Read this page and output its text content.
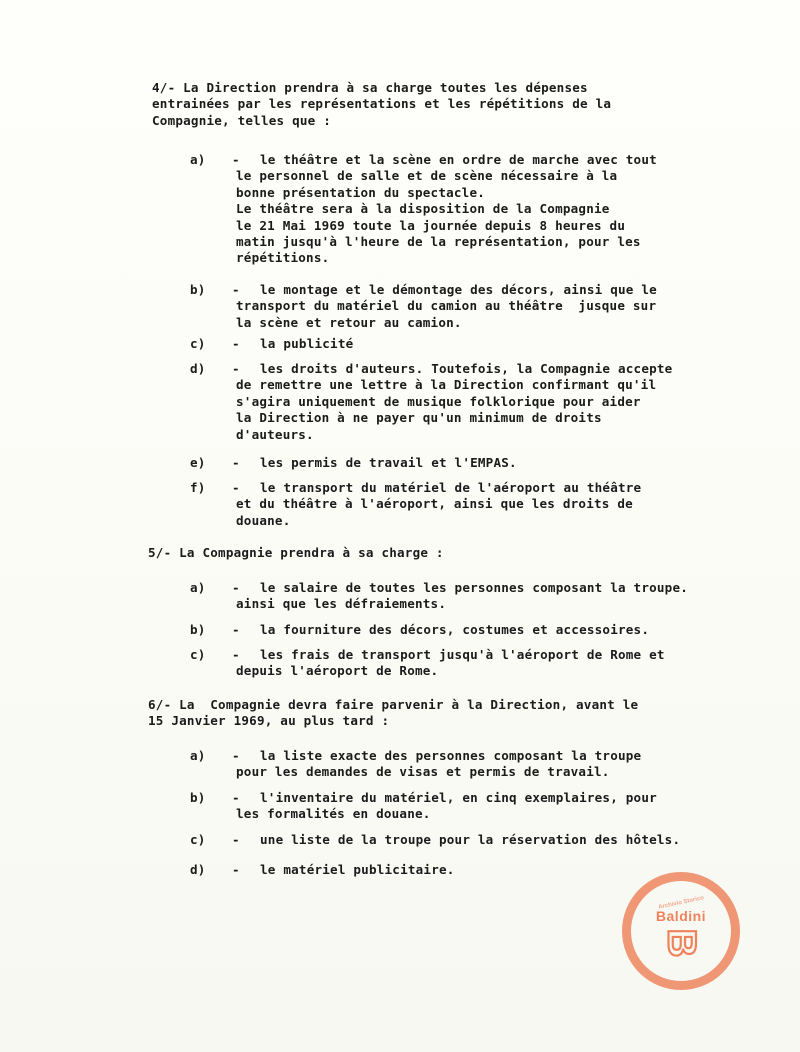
4/- La Direction prendra à sa charge toutes les dépenses
entrainées par les représentations et les répétitions de la
Compagnie, telles que :
a) - le théâtre et la scène en ordre de marche avec tout
le personnel de salle et de scène nécessaire à la
bonne présentation du spectacle.
Le théâtre sera à la disposition de la Compagnie
le 21 Mai 1969 toute la journée depuis 8 heures du
matin jusqu'à l'heure de la représentation, pour les
répétitions.
b) - le montage et le démontage des décors, ainsi que le
transport du matériel du camion au théâtre  jusque sur
la scène et retour au camion.
c) - la publicité
d) - les droits d'auteurs. Toutefois, la Compagnie accepte
de remettre une lettre à la Direction confirmant qu'il
s'agira uniquement de musique folklorique pour aider
la Direction à ne payer qu'un minimum de droits
d'auteurs.
e) - les permis de travail et l'EMPAS.
f) - le transport du matériel de l'aéroport au théâtre
et du théâtre à l'aéroport, ainsi que les droits de
douane.
5/- La Compagnie prendra à sa charge :
a) - le salaire de toutes les personnes composant la troupe.
ainsi que les défraiements.
b) - la fourniture des décors, costumes et accessoires.
c) - les frais de transport jusqu'à l'aéroport de Rome et
depuis l'aéroport de Rome.
6/- La  Compagnie devra faire parvenir à la Direction, avant le
15 Janvier 1969, au plus tard :
a) - la liste exacte des personnes composant la troupe
pour les demandes de visas et permis de travail.
b) - l'inventaire du matériel, en cinq exemplaires, pour
les formalités en douane.
c) - une liste de la troupe pour la réservation des hôtels.
d) - le matériel publicitaire.
Archivio Storico
Baldini
B
